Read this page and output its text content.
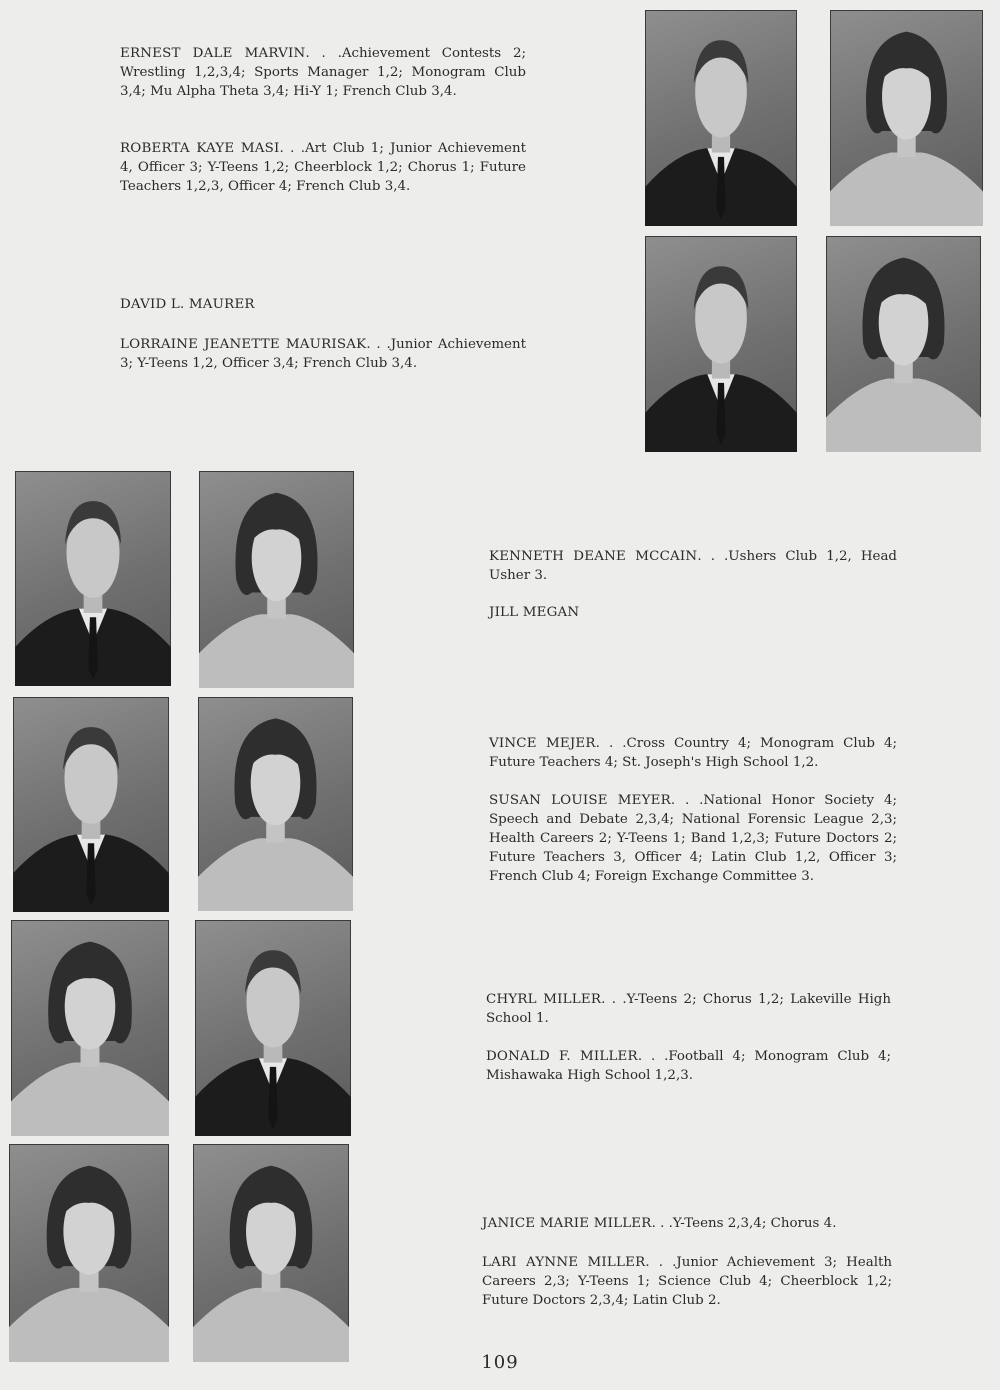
ERNEST DALE MARVIN. . .Achievement Contests 2; Wrestling 1,2,3,4; Sports Manager 1,2; Monogram Club 3,4; Mu Alpha Theta 3,4; Hi-Y 1; French Club 3,4.

ROBERTA KAYE MASI. . .Art Club 1; Junior Achievement 4, Officer 3; Y-Teens 1,2; Cheerblock 1,2; Chorus 1; Future Teachers 1,2,3, Officer 4; French Club 3,4.

DAVID L. MAURER

LORRAINE JEANETTE MAURISAK. . .Junior Achievement 3; Y-Teens 1,2, Officer 3,4; French Club 3,4.

KENNETH DEANE MCCAIN. . .Ushers Club 1,2, Head Usher 3.

JILL MEGAN

VINCE MEJER. . .Cross Country 4; Monogram Club 4; Future Teachers 4; St. Joseph's High School 1,2.

SUSAN LOUISE MEYER. . .National Honor Society 4; Speech and Debate 2,3,4; National Forensic League 2,3; Health Careers 2; Y-Teens 1; Band 1,2,3; Future Doctors 2; Future Teachers 3, Officer 4; Latin Club 1,2, Officer 3; French Club 4; Foreign Exchange Committee 3.

CHYRL MILLER. . .Y-Teens 2; Chorus 1,2; Lakeville High School 1.

DONALD F. MILLER. . .Football 4; Monogram Club 4; Mishawaka High School 1,2,3.

JANICE MARIE MILLER. . .Y-Teens 2,3,4; Chorus 4.

LARI AYNNE MILLER. . .Junior Achievement 3; Health Careers 2,3; Y-Teens 1; Science Club 4; Cheerblock 1,2; Future Doctors 2,3,4; Latin Club 2.

109
